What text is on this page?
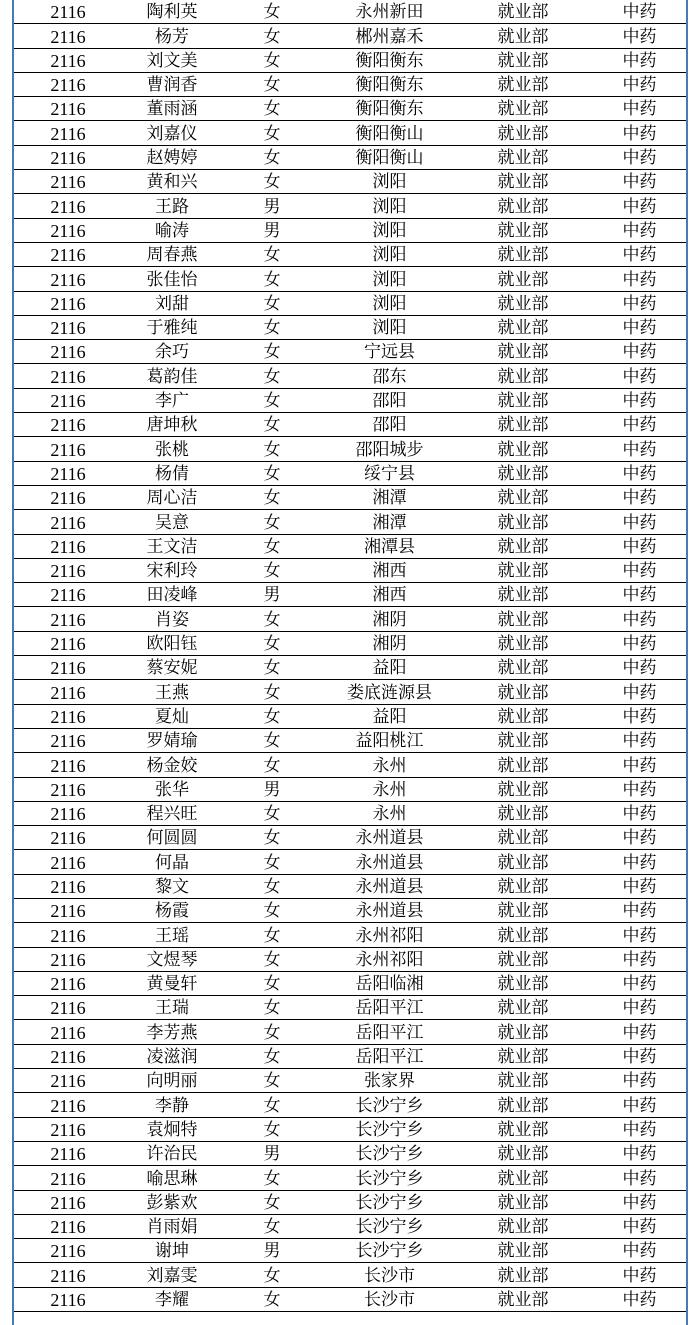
2116	陶利英	女	永州新田	就业部	中药
2116	杨芳	女	郴州嘉禾	就业部	中药
2116	刘文美	女	衡阳衡东	就业部	中药
2116	曹润香	女	衡阳衡东	就业部	中药
2116	董雨涵	女	衡阳衡东	就业部	中药
2116	刘嘉仪	女	衡阳衡山	就业部	中药
2116	赵娉婷	女	衡阳衡山	就业部	中药
2116	黄和兴	女	浏阳	就业部	中药
2116	王路	男	浏阳	就业部	中药
2116	喻涛	男	浏阳	就业部	中药
2116	周春燕	女	浏阳	就业部	中药
2116	张佳怡	女	浏阳	就业部	中药
2116	刘甜	女	浏阳	就业部	中药
2116	于雅纯	女	浏阳	就业部	中药
2116	余巧	女	宁远县	就业部	中药
2116	葛韵佳	女	邵东	就业部	中药
2116	李广	女	邵阳	就业部	中药
2116	唐坤秋	女	邵阳	就业部	中药
2116	张桃	女	邵阳城步	就业部	中药
2116	杨倩	女	绥宁县	就业部	中药
2116	周心洁	女	湘潭	就业部	中药
2116	吴意	女	湘潭	就业部	中药
2116	王文洁	女	湘潭县	就业部	中药
2116	宋利玲	女	湘西	就业部	中药
2116	田凌峰	男	湘西	就业部	中药
2116	肖姿	女	湘阴	就业部	中药
2116	欧阳钰	女	湘阴	就业部	中药
2116	蔡安妮	女	益阳	就业部	中药
2116	王燕	女	娄底涟源县	就业部	中药
2116	夏灿	女	益阳	就业部	中药
2116	罗婧瑜	女	益阳桃江	就业部	中药
2116	杨金姣	女	永州	就业部	中药
2116	张华	男	永州	就业部	中药
2116	程兴旺	女	永州	就业部	中药
2116	何圆圆	女	永州道县	就业部	中药
2116	何晶	女	永州道县	就业部	中药
2116	黎文	女	永州道县	就业部	中药
2116	杨霞	女	永州道县	就业部	中药
2116	王瑶	女	永州祁阳	就业部	中药
2116	文煜琴	女	永州祁阳	就业部	中药
2116	黄曼轩	女	岳阳临湘	就业部	中药
2116	王瑞	女	岳阳平江	就业部	中药
2116	李芳燕	女	岳阳平江	就业部	中药
2116	凌滋润	女	岳阳平江	就业部	中药
2116	向明丽	女	张家界	就业部	中药
2116	李静	女	长沙宁乡	就业部	中药
2116	袁炯特	女	长沙宁乡	就业部	中药
2116	许治民	男	长沙宁乡	就业部	中药
2116	喻思琳	女	长沙宁乡	就业部	中药
2116	彭紫欢	女	长沙宁乡	就业部	中药
2116	肖雨娟	女	长沙宁乡	就业部	中药
2116	谢坤	男	长沙宁乡	就业部	中药
2116	刘嘉雯	女	长沙市	就业部	中药
2116	李耀	女	长沙市	就业部	中药
